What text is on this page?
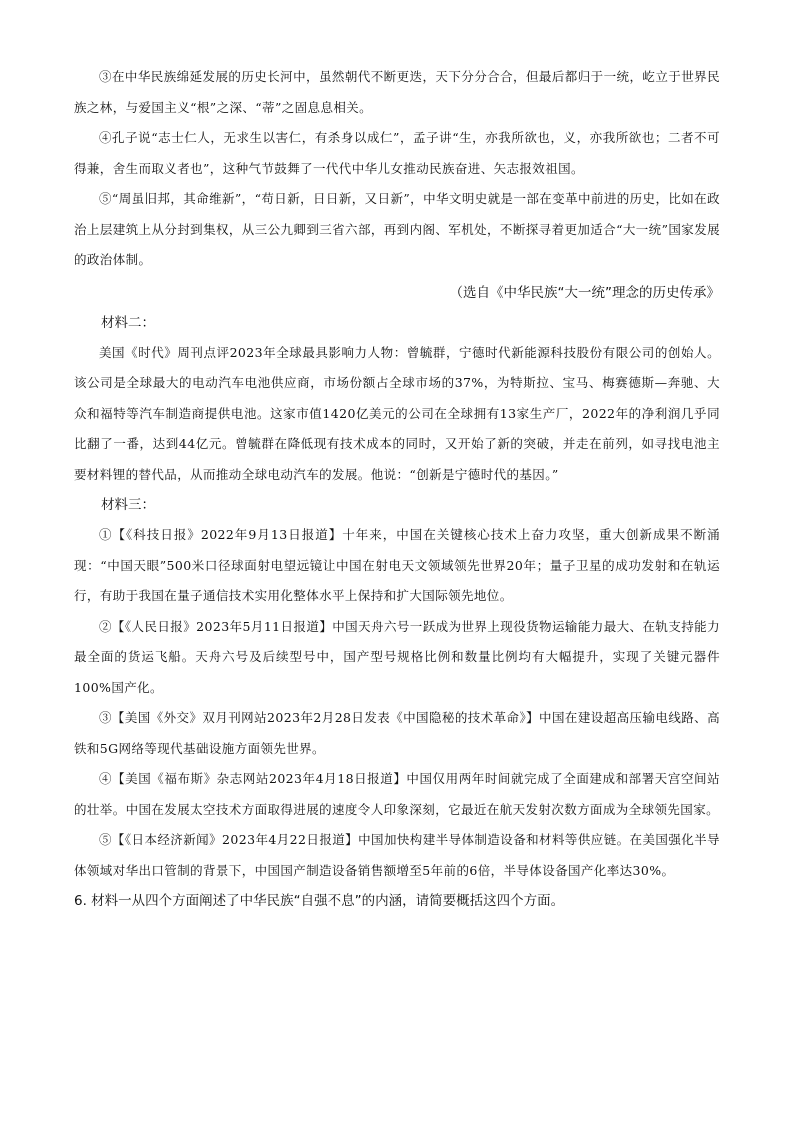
③在中华民族绵延发展的历史长河中，虽然朝代不断更迭，天下分分合合，但最后都归于一统，屹立于世界民族之林，与爱国主义“根”之深、“蒂”之固息息相关。

④孔子说“志士仁人，无求生以害仁，有杀身以成仁”，孟子讲“生，亦我所欲也，义，亦我所欲也；二者不可得兼，舍生而取义者也”，这种气节鼓舞了一代代中华儿女推动民族奋进、矢志报效祖国。

⑤“周虽旧邦，其命维新”，“苟日新，日日新，又日新”，中华文明史就是一部在变革中前进的历史，比如在政治上层建筑上从分封到集权，从三公九卿到三省六部，再到内阁、军机处，不断探寻着更加适合“大一统”国家发展的政治体制。

（选自《中华民族“大一统”理念的历史传承》

材料二：

美国《时代》周刊点评2023年全球最具影响力人物：曾毓群，宁德时代新能源科技股份有限公司的创始人。该公司是全球最大的电动汽车电池供应商，市场份额占全球市场的37%，为特斯拉、宝马、梅赛德斯—奔驰、大众和福特等汽车制造商提供电池。这家市值1420亿美元的公司在全球拥有13家生产厂，2022年的净利润几乎同比翻了一番，达到44亿元。曾毓群在降低现有技术成本的同时，又开始了新的突破，并走在前列，如寻找电池主要材料锂的替代品，从而推动全球电动汽车的发展。他说：“创新是宁德时代的基因。”

材料三：

①【《科技日报》2022年9月13日报道】十年来，中国在关键核心技术上奋力攻坚，重大创新成果不断涌现：“中国天眼”500米口径球面射电望远镜让中国在射电天文领域领先世界20年；量子卫星的成功发射和在轨运行，有助于我国在量子通信技术实用化整体水平上保持和扩大国际领先地位。

②【《人民日报》2023年5月11日报道】中国天舟六号一跃成为世界上现役货物运输能力最大、在轨支持能力最全面的货运飞船。天舟六号及后续型号中，国产型号规格比例和数量比例均有大幅提升，实现了关键元器件100%国产化。

③【美国《外交》双月刊网站2023年2月28日发表《中国隐秘的技术革命》】中国在建设超高压输电线路、高铁和5G网络等现代基础设施方面领先世界。

④【美国《福布斯》杂志网站2023年4月18日报道】中国仅用两年时间就完成了全面建成和部署天宫空间站的壮举。中国在发展太空技术方面取得进展的速度令人印象深刻，它最近在航天发射次数方面成为全球领先国家。

⑤【《日本经济新闻》2023年4月22日报道】中国加快构建半导体制造设备和材料等供应链。在美国强化半导体领域对华出口管制的背景下，中国国产制造设备销售额增至5年前的6倍，半导体设备国产化率达30%。

6. 材料一从四个方面阐述了中华民族“自强不息”的内涵，请简要概括这四个方面。
